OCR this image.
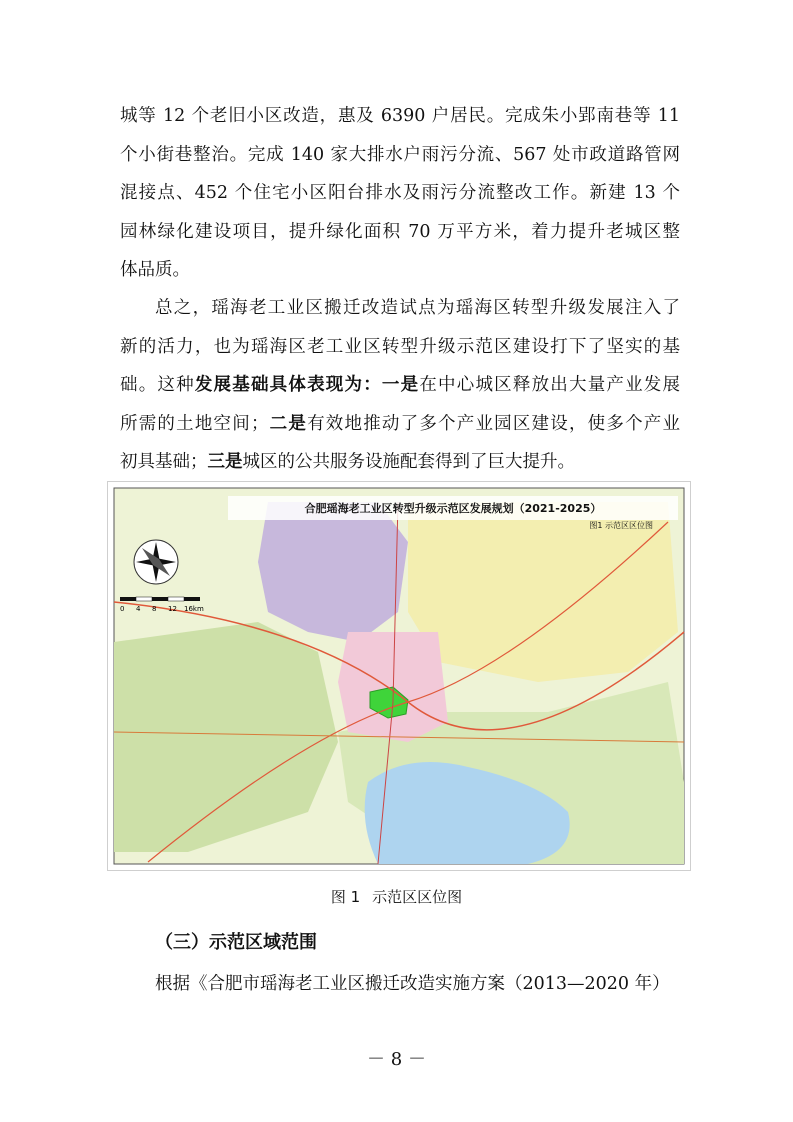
城等 12 个老旧小区改造，惠及 6390 户居民。完成朱小郢南巷等 11
个小街巷整治。完成 140 家大排水户雨污分流、567 处市政道路管网
混接点、452 个住宅小区阳台排水及雨污分流整改工作。新建 13 个
园林绿化建设项目，提升绿化面积 70 万平方米，着力提升老城区整
体品质。
总之，瑶海老工业区搬迁改造试点为瑶海区转型升级发展注入了
新的活力，也为瑶海区老工业区转型升级示范区建设打下了坚实的基
础。这种发展基础具体表现为：一是在中心城区释放出大量产业发展
所需的土地空间；二是有效地推动了多个产业园区建设，使多个产业
初具基础；三是城区的公共服务设施配套得到了巨大提升。
合肥瑶海老工业区转型升级示范区发展规划（2021-2025）
图1 示范区区位图
0 4 8 12 16km
图 1 示范区区位图
（三）示范区域范围
根据《合肥市瑶海老工业区搬迁改造实施方案（2013—2020 年）
－ 8 －
